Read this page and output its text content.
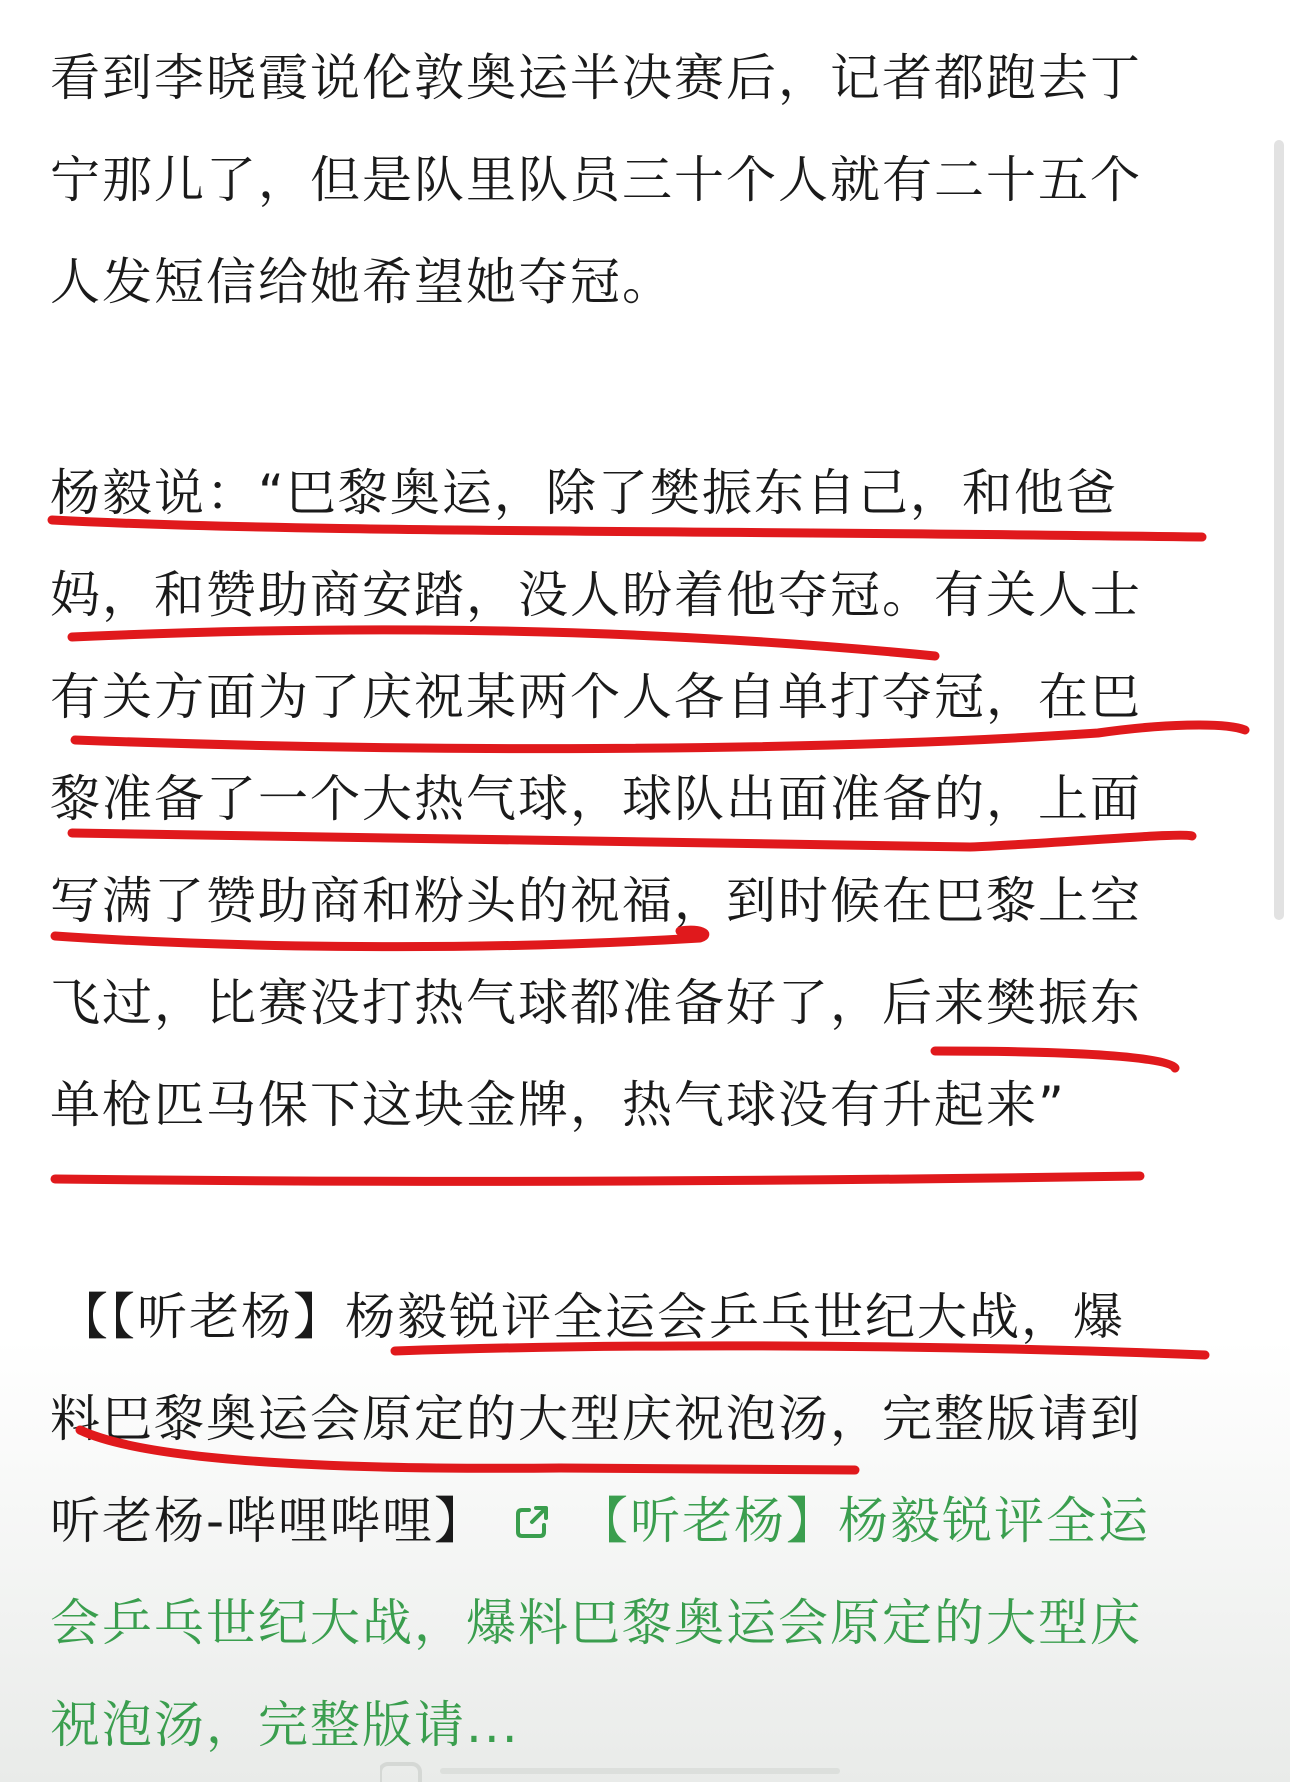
看到李晓霞说伦敦奥运半决赛后，记者都跑去丁
宁那儿了，但是队里队员三十个人就有二十五个
人发短信给她希望她夺冠。
杨毅说：“巴黎奥运，除了樊振东自己，和他爸
妈，和赞助商安踏，没人盼着他夺冠。有关人士
有关方面为了庆祝某两个人各自单打夺冠，在巴
黎准备了一个大热气球，球队出面准备的，上面
写满了赞助商和粉头的祝福，到时候在巴黎上空
飞过，比赛没打热气球都准备好了，后来樊振东
单枪匹马保下这块金牌，热气球没有升起来”
【【听老杨】杨毅锐评全运会乒乓世纪大战，爆
料巴黎奥运会原定的大型庆祝泡汤，完整版请到
听老杨-哔哩哔哩】 【听老杨】杨毅锐评全运
会乒乓世纪大战，爆料巴黎奥运会原定的大型庆
祝泡汤，完整版请...
